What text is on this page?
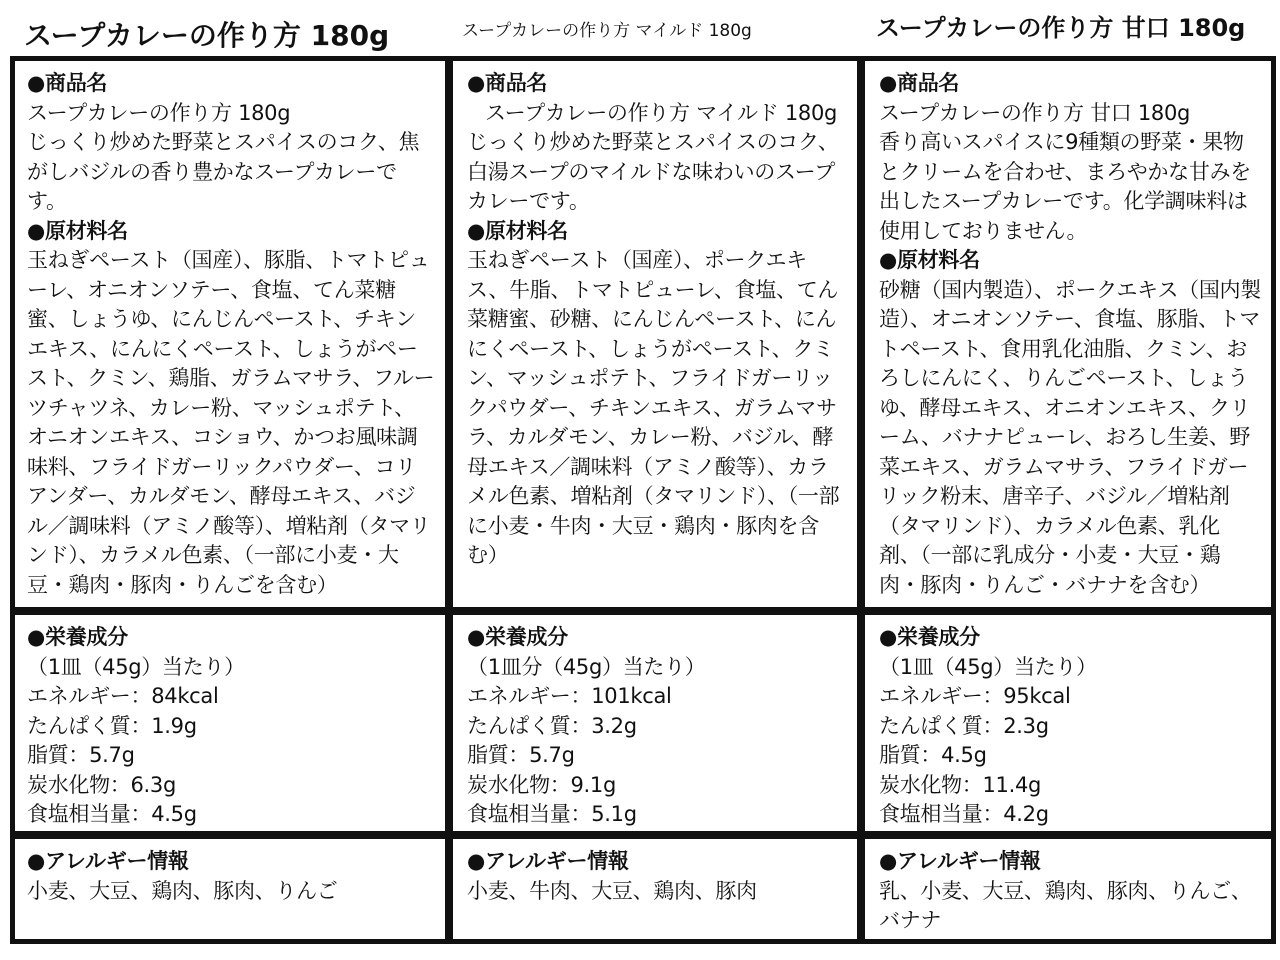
スープカレーの作り方 180g	スープカレーの作り方 マイルド 180g	スープカレーの作り方 甘口 180g
●商品名
スープカレーの作り方 180g
じっくり炒めた野菜とスパイスのコク、焦がしバジルの香り豊かなスープカレーです。
●原材料名
玉ねぎペースト（国産）、豚脂、トマトピューレ、オニオンソテー、食塩、てん菜糖蜜、しょうゆ、にんじんペースト、チキンエキス、にんにくペースト、しょうがペースト、クミン、鶏脂、ガラムマサラ、フルーツチャツネ、カレー粉、マッシュポテト、オニオンエキス、コショウ、かつお風味調味料、フライドガーリックパウダー、コリアンダー、カルダモン、酵母エキス、バジル／調味料（アミノ酸等）、増粘剤（タマリンド）、カラメル色素、（一部に小麦・大豆・鶏肉・豚肉・りんごを含む）
●栄養成分
（1皿（45g）当たり）
エネルギー：84kcal
たんぱく質：1.9g
脂質：5.7g
炭水化物：6.3g
食塩相当量：4.5g
●アレルギー情報
小麦、大豆、鶏肉、豚肉、りんご
●商品名
スープカレーの作り方 マイルド 180g
じっくり炒めた野菜とスパイスのコク、白湯スープのマイルドな味わいのスープカレーです。
●原材料名
玉ねぎペースト（国産）、ポークエキス、牛脂、トマトピューレ、食塩、てん菜糖蜜、砂糖、にんじんペースト、にんにくペースト、しょうがペースト、クミン、マッシュポテト、フライドガーリックパウダー、チキンエキス、ガラムマサラ、カルダモン、カレー粉、バジル、酵母エキス／調味料（アミノ酸等）、カラメル色素、増粘剤（タマリンド）、（一部に小麦・牛肉・大豆・鶏肉・豚肉を含む）
●栄養成分
（1皿分（45g）当たり）
エネルギー：101kcal
たんぱく質：3.2g
脂質：5.7g
炭水化物：9.1g
食塩相当量：5.1g
●アレルギー情報
小麦、牛肉、大豆、鶏肉、豚肉
●商品名
スープカレーの作り方 甘口 180g
香り高いスパイスに9種類の野菜・果物とクリームを合わせ、まろやかな甘みを出したスープカレーです。化学調味料は使用しておりません。
●原材料名
砂糖（国内製造）、ポークエキス（国内製造）、オニオンソテー、食塩、豚脂、トマトペースト、食用乳化油脂、クミン、おろしにんにく、りんごペースト、しょうゆ、酵母エキス、オニオンエキス、クリーム、バナナピューレ、おろし生姜、野菜エキス、ガラムマサラ、フライドガーリック粉末、唐辛子、バジル／増粘剤（タマリンド）、カラメル色素、乳化剤、（一部に乳成分・小麦・大豆・鶏肉・豚肉・りんご・バナナを含む）
●栄養成分
（1皿（45g）当たり）
エネルギー：95kcal
たんぱく質：2.3g
脂質：4.5g
炭水化物：11.4g
食塩相当量：4.2g
●アレルギー情報
乳、小麦、大豆、鶏肉、豚肉、りんご、バナナ
